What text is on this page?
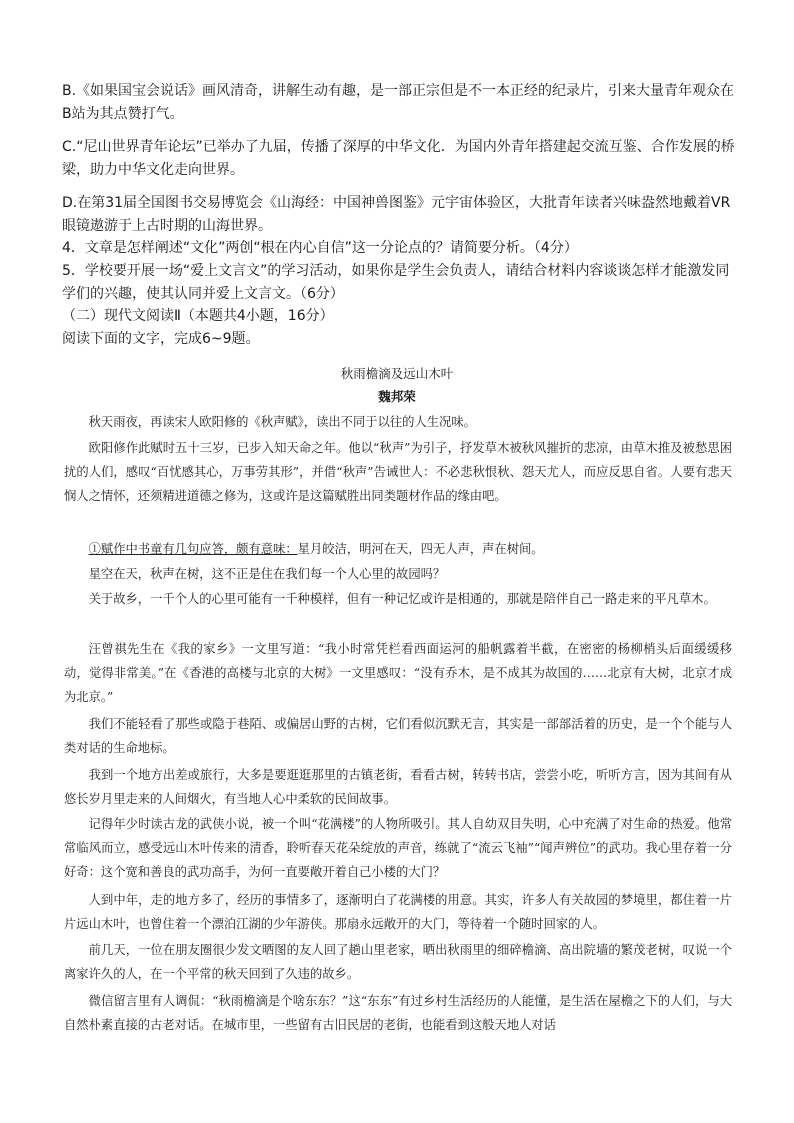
B.《如果国宝会说话》画风清奇，讲解生动有趣，是一部正宗但是不一本正经的纪录片，引来大量青年观众在B站为其点赞打气。

C.“尼山世界青年论坛”已举办了九届，传播了深厚的中华文化．为国内外青年搭建起交流互鉴、合作发展的桥梁，助力中华文化走向世界。

D.在第31届全国图书交易博览会《山海经：中国神兽图鉴》元宇宙体验区，大批青年读者兴味盎然地戴着VR眼镜遨游于上古时期的山海世界。

4．文章是怎样阐述“文化”两创“根在内心自信”这一分论点的？请简要分析。（4分）

5．学校要开展一场“爱上文言文”的学习活动，如果你是学生会负责人，请结合材料内容谈谈怎样才能激发同学们的兴趣，使其认同并爱上文言文。（6分）

（二）现代文阅读Ⅱ（本题共4小题，16分）

阅读下面的文字，完成6~9题。

秋雨檐滴及远山木叶

魏邦荣

秋天雨夜，再读宋人欧阳修的《秋声赋》，读出不同于以往的人生况味。

欧阳修作此赋时五十三岁，已步入知天命之年。他以“秋声”为引子，抒发草木被秋风摧折的悲凉，由草木推及被愁思困扰的人们，感叹“百忧感其心，万事劳其形”，并借“秋声”告诫世人：不必悲秋恨秋、怨天尤人，而应反思自省。人要有悲天悯人之情怀，还须精进道德之修为，这或许是这篇赋胜出同类题材作品的缘由吧。

①赋作中书童有几句应答，颇有意味：星月皎洁，明河在天，四无人声，声在树间。

星空在天，秋声在树，这不正是住在我们每一个人心里的故园吗？

关于故乡，一千个人的心里可能有一千种模样，但有一种记忆或许是相通的，那就是陪伴自己一路走来的平凡草木。

汪曾祺先生在《我的家乡》一文里写道：“我小时常凭栏看西面运河的船帆露着半截，在密密的杨柳梢头后面缓缓移动，觉得非常美。”在《香港的高楼与北京的大树》一文里感叹：“没有乔木，是不成其为故国的……北京有大树，北京才成为北京。”

我们不能轻看了那些或隐于巷陌、或偏居山野的古树，它们看似沉默无言，其实是一部部活着的历史，是一个个能与人类对话的生命地标。

我到一个地方出差或旅行，大多是要逛逛那里的古镇老街，看看古树，转转书店，尝尝小吃，听听方言，因为其间有从悠长岁月里走来的人间烟火，有当地人心中柔软的民间故事。

记得年少时读古龙的武侠小说，被一个叫“花满楼”的人物所吸引。其人自幼双目失明，心中充满了对生命的热爱。他常常临风而立，感受远山木叶传来的清香，聆听春天花朵绽放的声音，练就了“流云飞袖”“闻声辨位”的武功。我心里存着一分好奇：这个宽和善良的武功高手，为何一直要敞开着自己小楼的大门？

人到中年，走的地方多了，经历的事情多了，逐渐明白了花满楼的用意。其实，许多人有关故园的梦境里，都住着一片片远山木叶，也曾住着一个漂泊江湖的少年游侠。那扇永远敞开的大门，等待着一个随时回家的人。

前几天，一位在朋友圈很少发文晒图的友人回了趟山里老家，晒出秋雨里的细碎檐滴、高出院墙的繁茂老树，叹说一个离家许久的人，在一个平常的秋天回到了久违的故乡。

微信留言里有人调侃：“秋雨檐滴是个啥东东？”这“东东”有过乡村生活经历的人能懂，是生活在屋檐之下的人们，与大自然朴素直接的古老对话。在城市里，一些留有古旧民居的老街，也能看到这般天地人对话
